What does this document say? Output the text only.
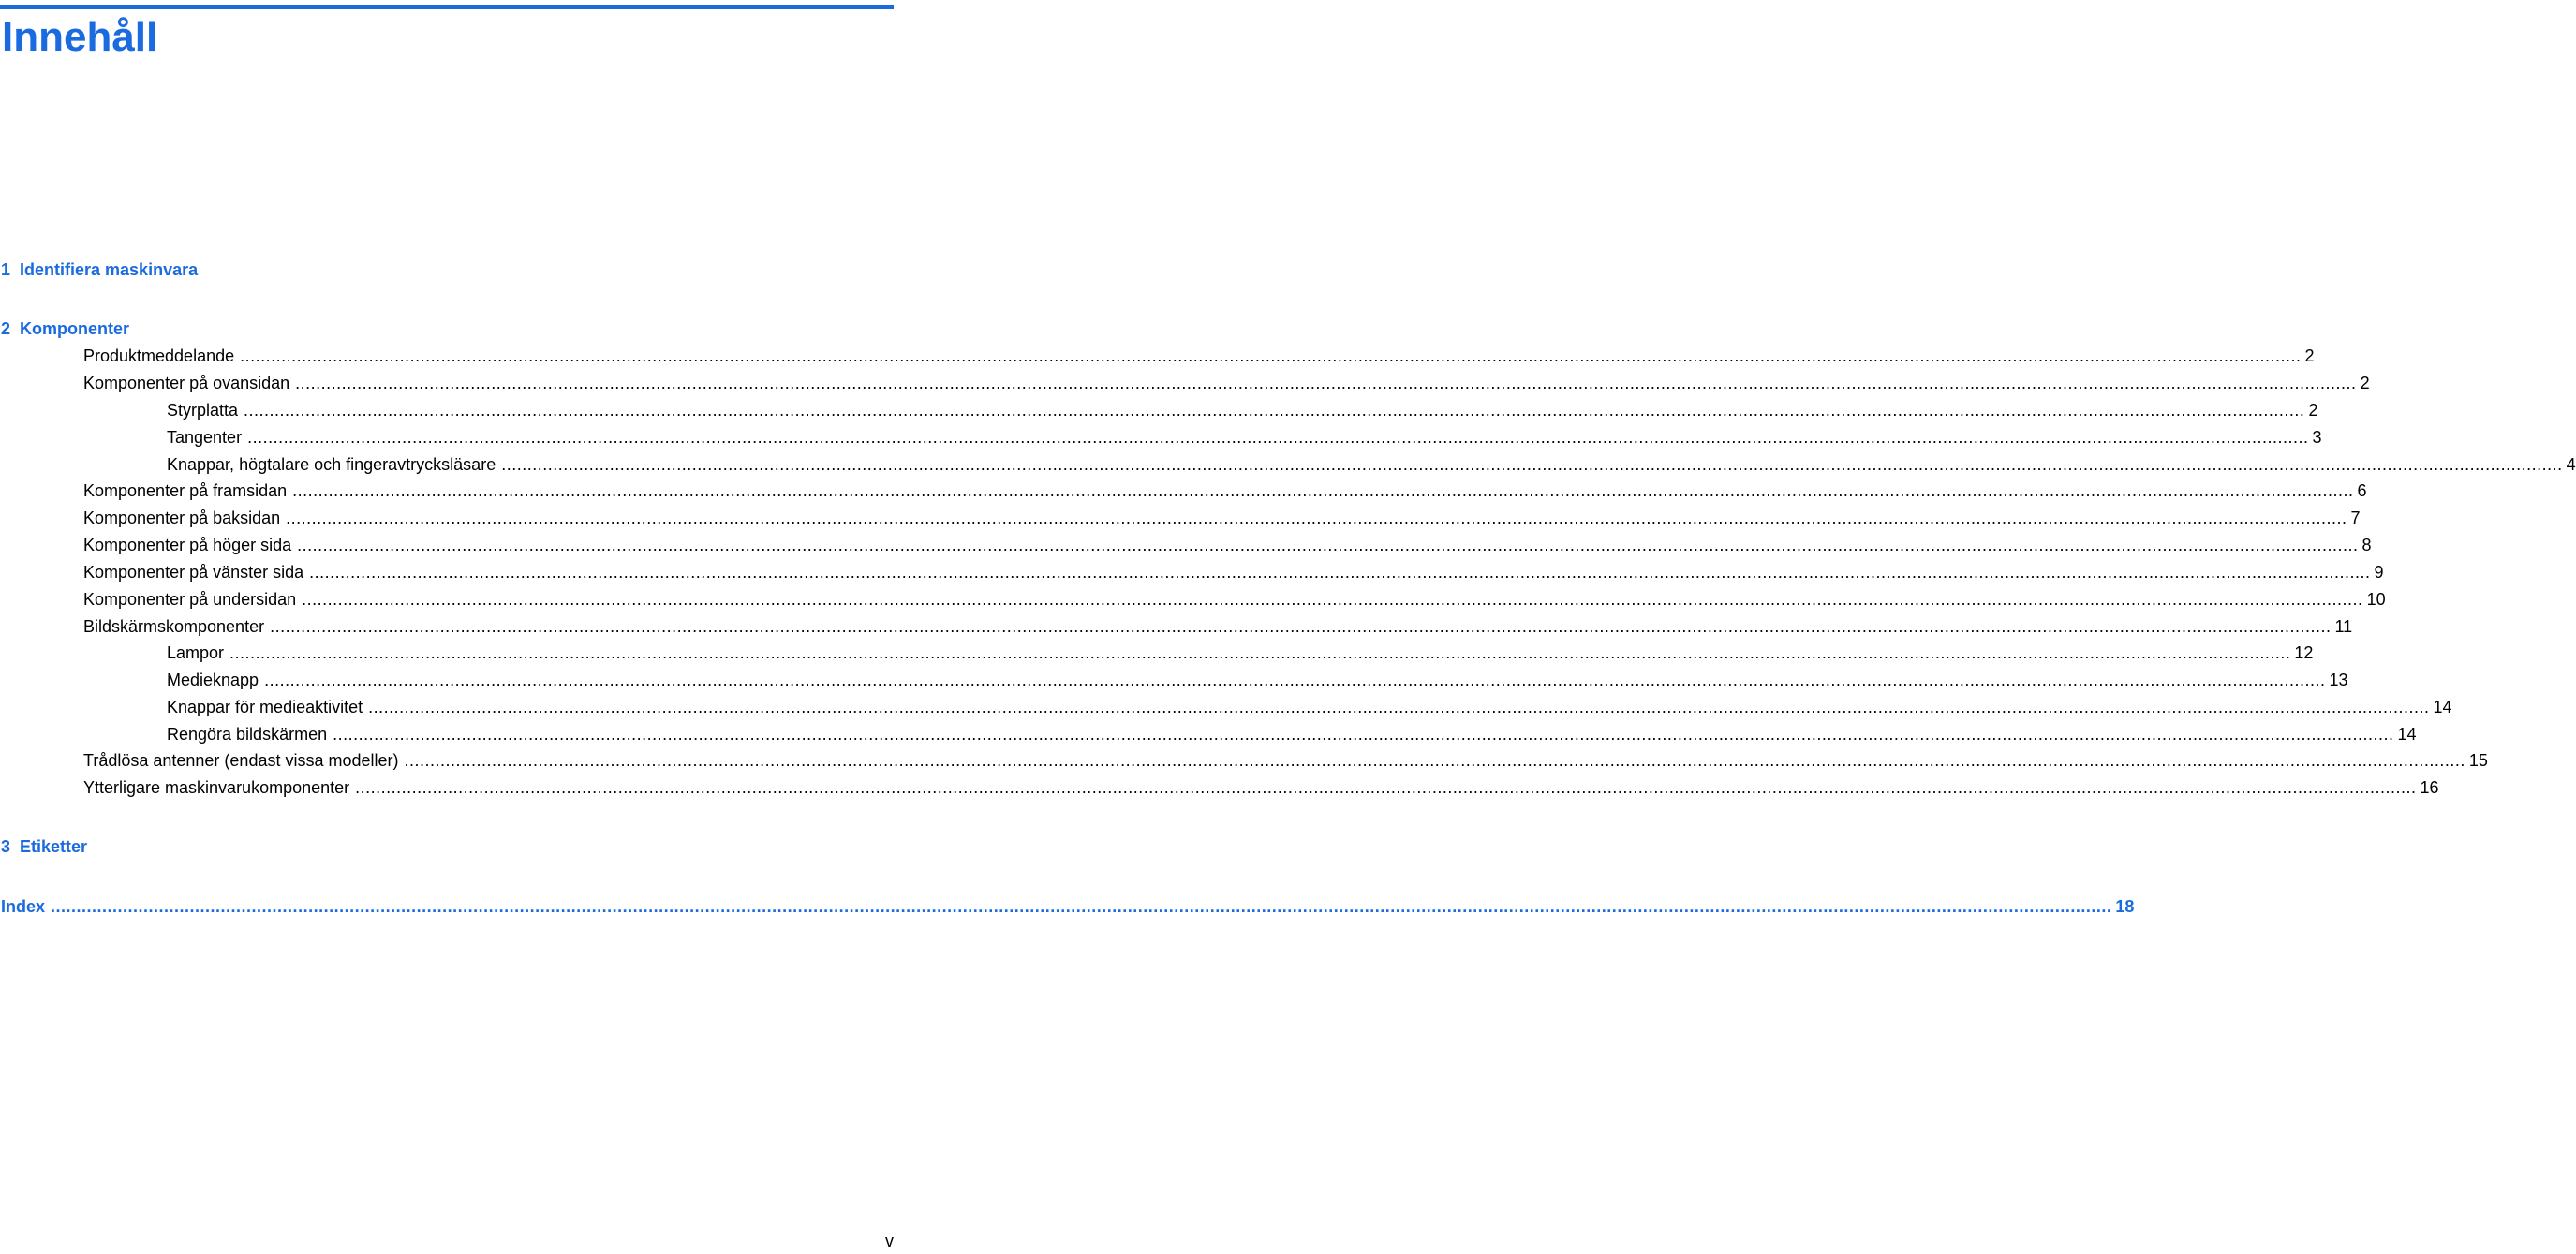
Innehåll
1 Identifiera maskinvara
2 Komponenter
Produktmeddelande ................................................................................................................................................................................................................................................................................................................................................................................................................ 2
Komponenter på ovansidan ................................................................................................................................................................................................................................................................................................................................................................................................................ 2
Styrplatta ................................................................................................................................................................................................................................................................................................................................................................................................................ 2
Tangenter ................................................................................................................................................................................................................................................................................................................................................................................................................ 3
Knappar, högtalare och fingeravtrycksläsare ................................................................................................................................................................................................................................................................................................................................................................................................................ 4
Komponenter på framsidan ................................................................................................................................................................................................................................................................................................................................................................................................................ 6
Komponenter på baksidan ................................................................................................................................................................................................................................................................................................................................................................................................................ 7
Komponenter på höger sida ................................................................................................................................................................................................................................................................................................................................................................................................................ 8
Komponenter på vänster sida ................................................................................................................................................................................................................................................................................................................................................................................................................ 9
Komponenter på undersidan ................................................................................................................................................................................................................................................................................................................................................................................................................ 10
Bildskärmskomponenter ................................................................................................................................................................................................................................................................................................................................................................................................................ 11
Lampor ................................................................................................................................................................................................................................................................................................................................................................................................................ 12
Medieknapp ................................................................................................................................................................................................................................................................................................................................................................................................................ 13
Knappar för medieaktivitet ................................................................................................................................................................................................................................................................................................................................................................................................................ 14
Rengöra bildskärmen ................................................................................................................................................................................................................................................................................................................................................................................................................ 14
Trådlösa antenner (endast vissa modeller) ................................................................................................................................................................................................................................................................................................................................................................................................................ 15
Ytterligare maskinvarukomponenter ................................................................................................................................................................................................................................................................................................................................................................................................................ 16
3 Etiketter
Index ................................................................................................................................................................................................................................................................................................................................................................................................................ 18
v
